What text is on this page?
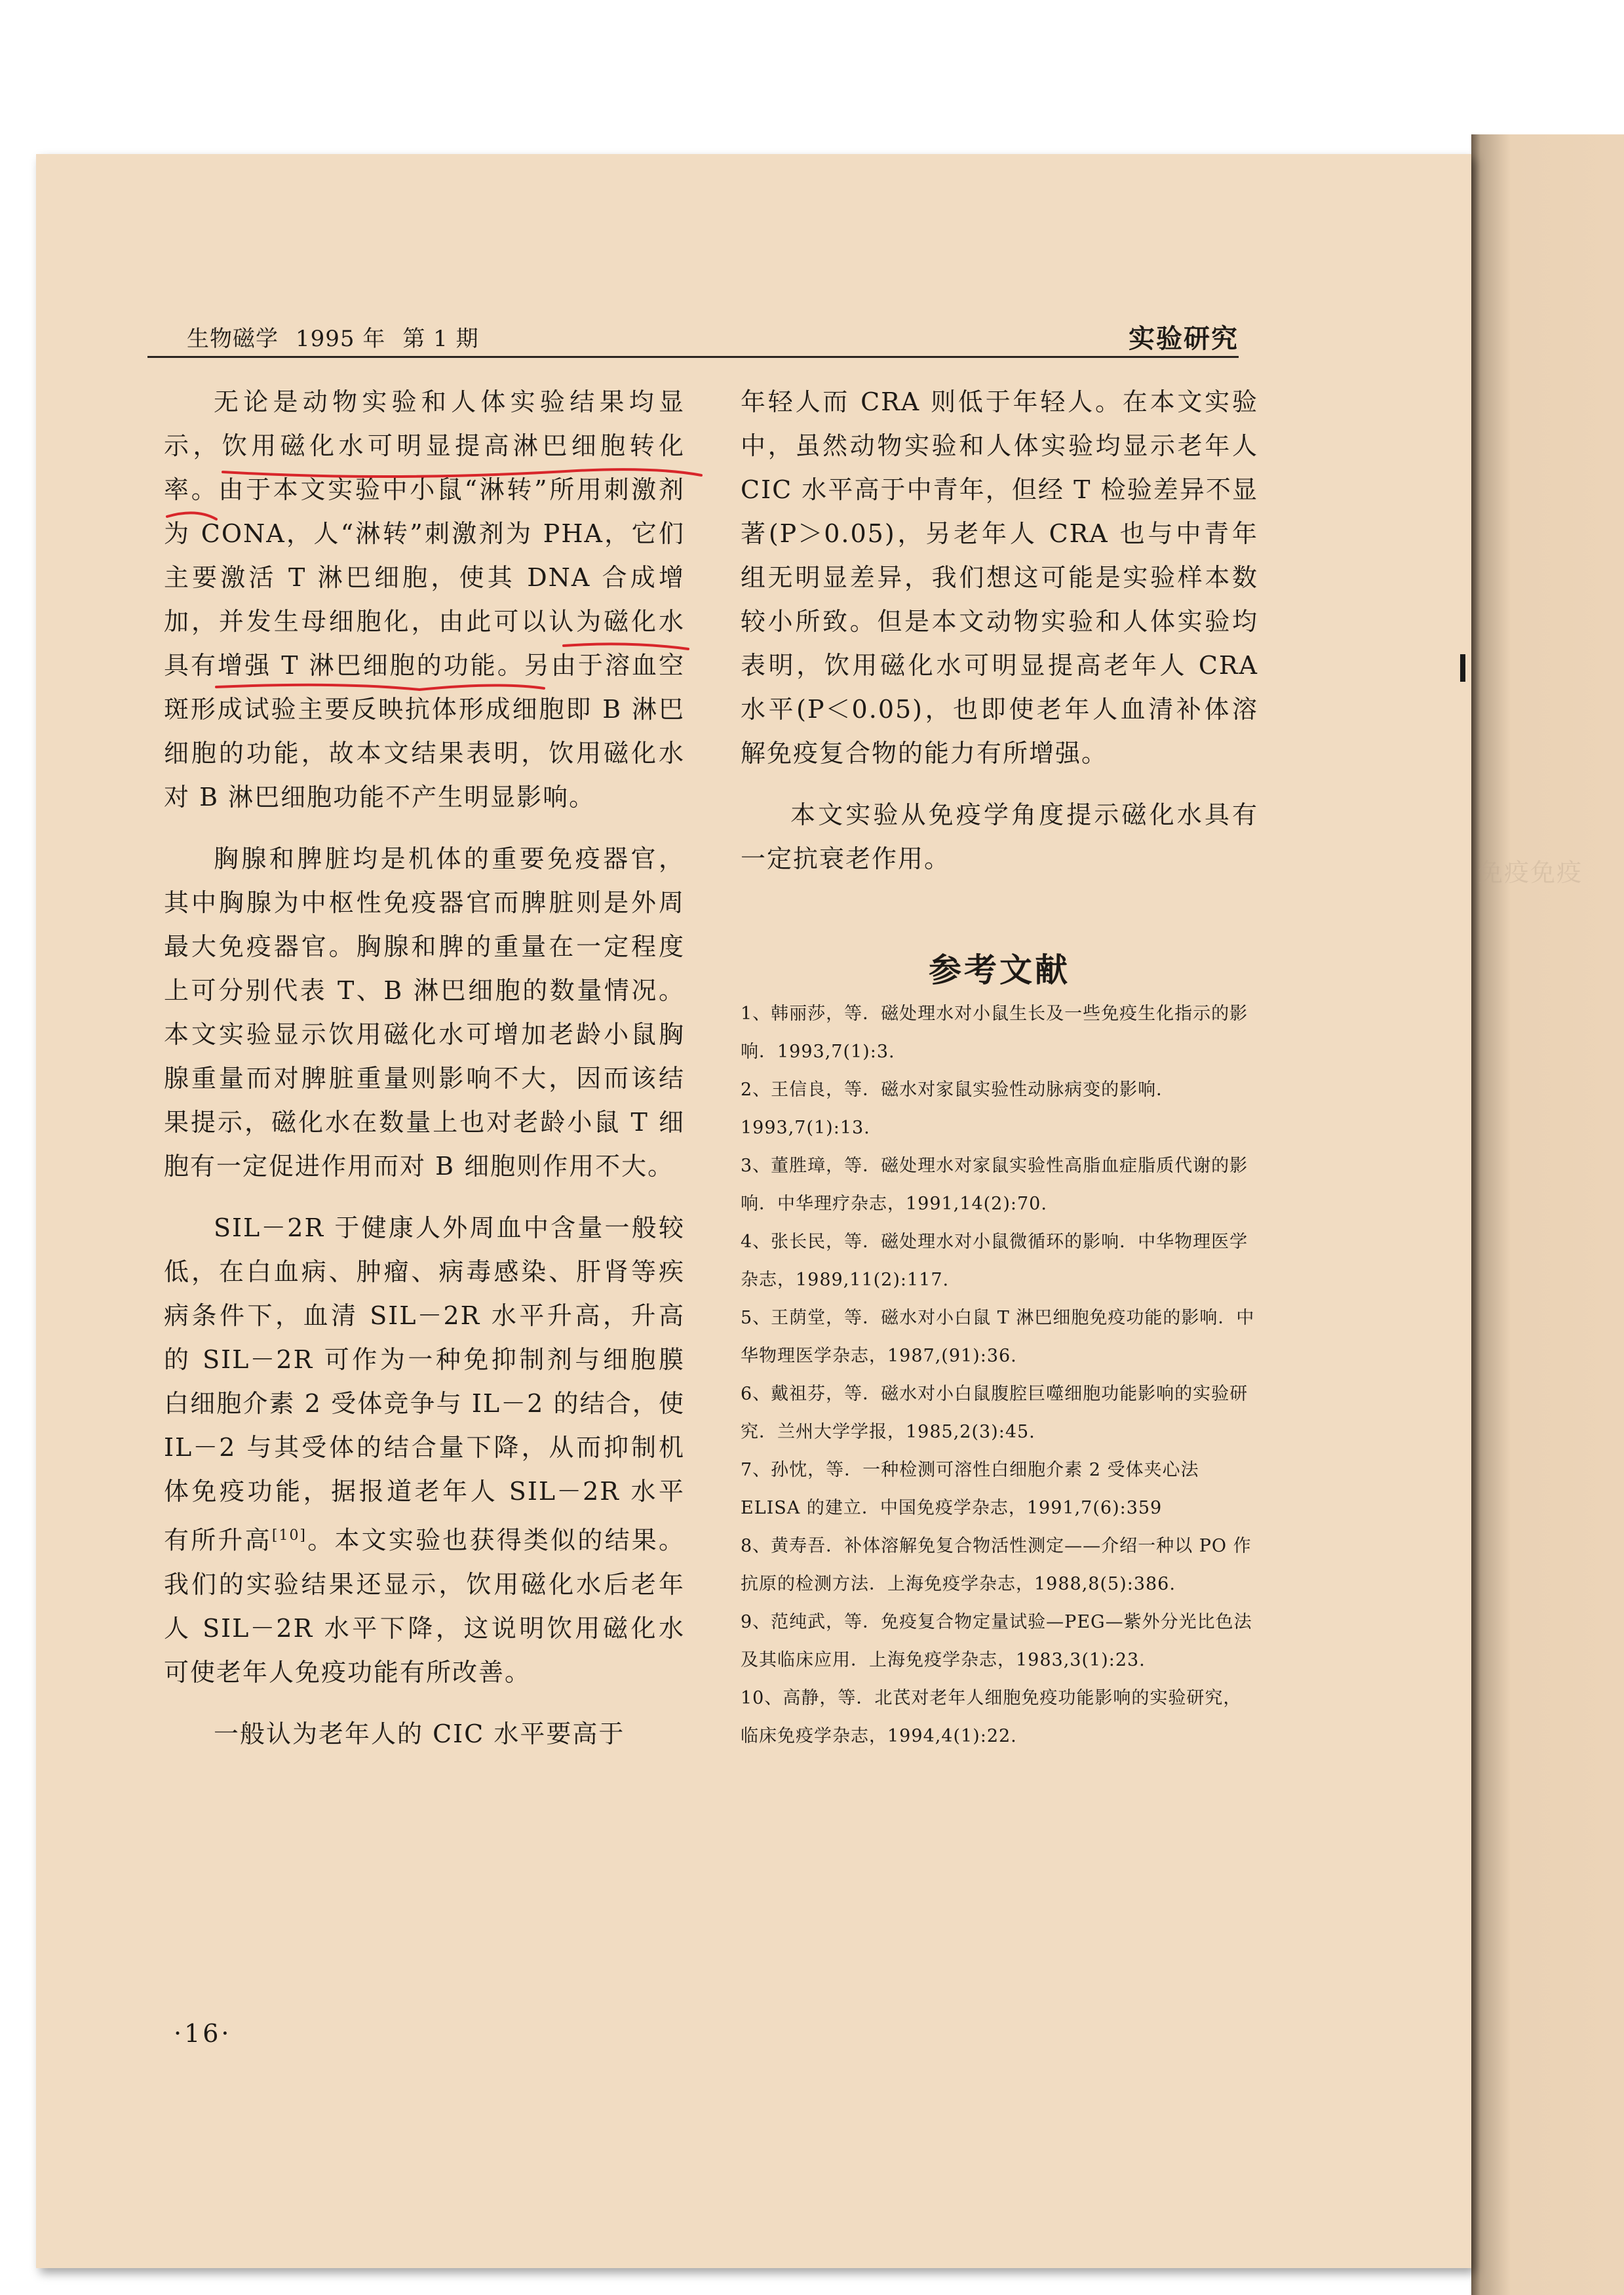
免疫免疫
生物磁学 1995 年 第 1 期	实验研究

无论是动物实验和人体实验结果均显示，饮用磁化水可明显提高淋巴细胞转化率。由于本文实验中小鼠“淋转”所用刺激剂为 CONA，人“淋转”刺激剂为 PHA，它们主要激活 T 淋巴细胞，使其 DNA 合成增加，并发生母细胞化，由此可以认为磁化水具有增强 T 淋巴细胞的功能。另由于溶血空斑形成试验主要反映抗体形成细胞即 B 淋巴细胞的功能，故本文结果表明，饮用磁化水对 B 淋巴细胞功能不产生明显影响。

胸腺和脾脏均是机体的重要免疫器官，其中胸腺为中枢性免疫器官而脾脏则是外周最大免疫器官。胸腺和脾的重量在一定程度上可分别代表 T、B 淋巴细胞的数量情况。本文实验显示饮用磁化水可增加老龄小鼠胸腺重量而对脾脏重量则影响不大，因而该结果提示，磁化水在数量上也对老龄小鼠 T 细胞有一定促进作用而对 B 细胞则作用不大。

SIL－2R 于健康人外周血中含量一般较低，在白血病、肿瘤、病毒感染、肝肾等疾病条件下，血清 SIL－2R 水平升高，升高的 SIL－2R 可作为一种免抑制剂与细胞膜白细胞介素 2 受体竞争与 IL－2 的结合，使 IL－2 与其受体的结合量下降，从而抑制机体免疫功能，据报道老年人 SIL－2R 水平有所升高[10]。本文实验也获得类似的结果。我们的实验结果还显示，饮用磁化水后老年人 SIL－2R 水平下降，这说明饮用磁化水可使老年人免疫功能有所改善。

一般认为老年人的 CIC 水平要高于

年轻人而 CRA 则低于年轻人。在本文实验中，虽然动物实验和人体实验均显示老年人 CIC 水平高于中青年，但经 T 检验差异不显著(P＞0.05)，另老年人 CRA 也与中青年组无明显差异，我们想这可能是实验样本数较小所致。但是本文动物实验和人体实验均表明，饮用磁化水可明显提高老年人 CRA 水平(P＜0.05)，也即使老年人血清补体溶解免疫复合物的能力有所增强。

本文实验从免疫学角度提示磁化水具有一定抗衰老作用。

参考文献

1、韩丽莎，等．磁处理水对小鼠生长及一些免疫生化指示的影响．1993,7(1):3.

2、王信良，等．磁水对家鼠实验性动脉病变的影响．1993,7(1):13.

3、董胜璋，等．磁处理水对家鼠实验性高脂血症脂质代谢的影响．中华理疗杂志，1991,14(2):70.

4、张长民，等．磁处理水对小鼠微循环的影响．中华物理医学杂志，1989,11(2):117.

5、王荫堂，等．磁水对小白鼠 T 淋巴细胞免疫功能的影响．中华物理医学杂志，1987,(91):36.

6、戴祖芬，等．磁水对小白鼠腹腔巨噬细胞功能影响的实验研究．兰州大学学报，1985,2(3):45.

7、孙忱，等．一种检测可溶性白细胞介素 2 受体夹心法 ELISA 的建立．中国免疫学杂志，1991,7(6):359

8、黄寿吾．补体溶解免复合物活性测定——介绍一种以 PO 作抗原的检测方法．上海免疫学杂志，1988,8(5):386.

9、范纯武，等．免疫复合物定量试验—PEG—紫外分光比色法及其临床应用．上海免疫学杂志，1983,3(1):23.

10、高静，等．北芪对老年人细胞免疫功能影响的实验研究，临床免疫学杂志，1994,4(1):22.

·16·
